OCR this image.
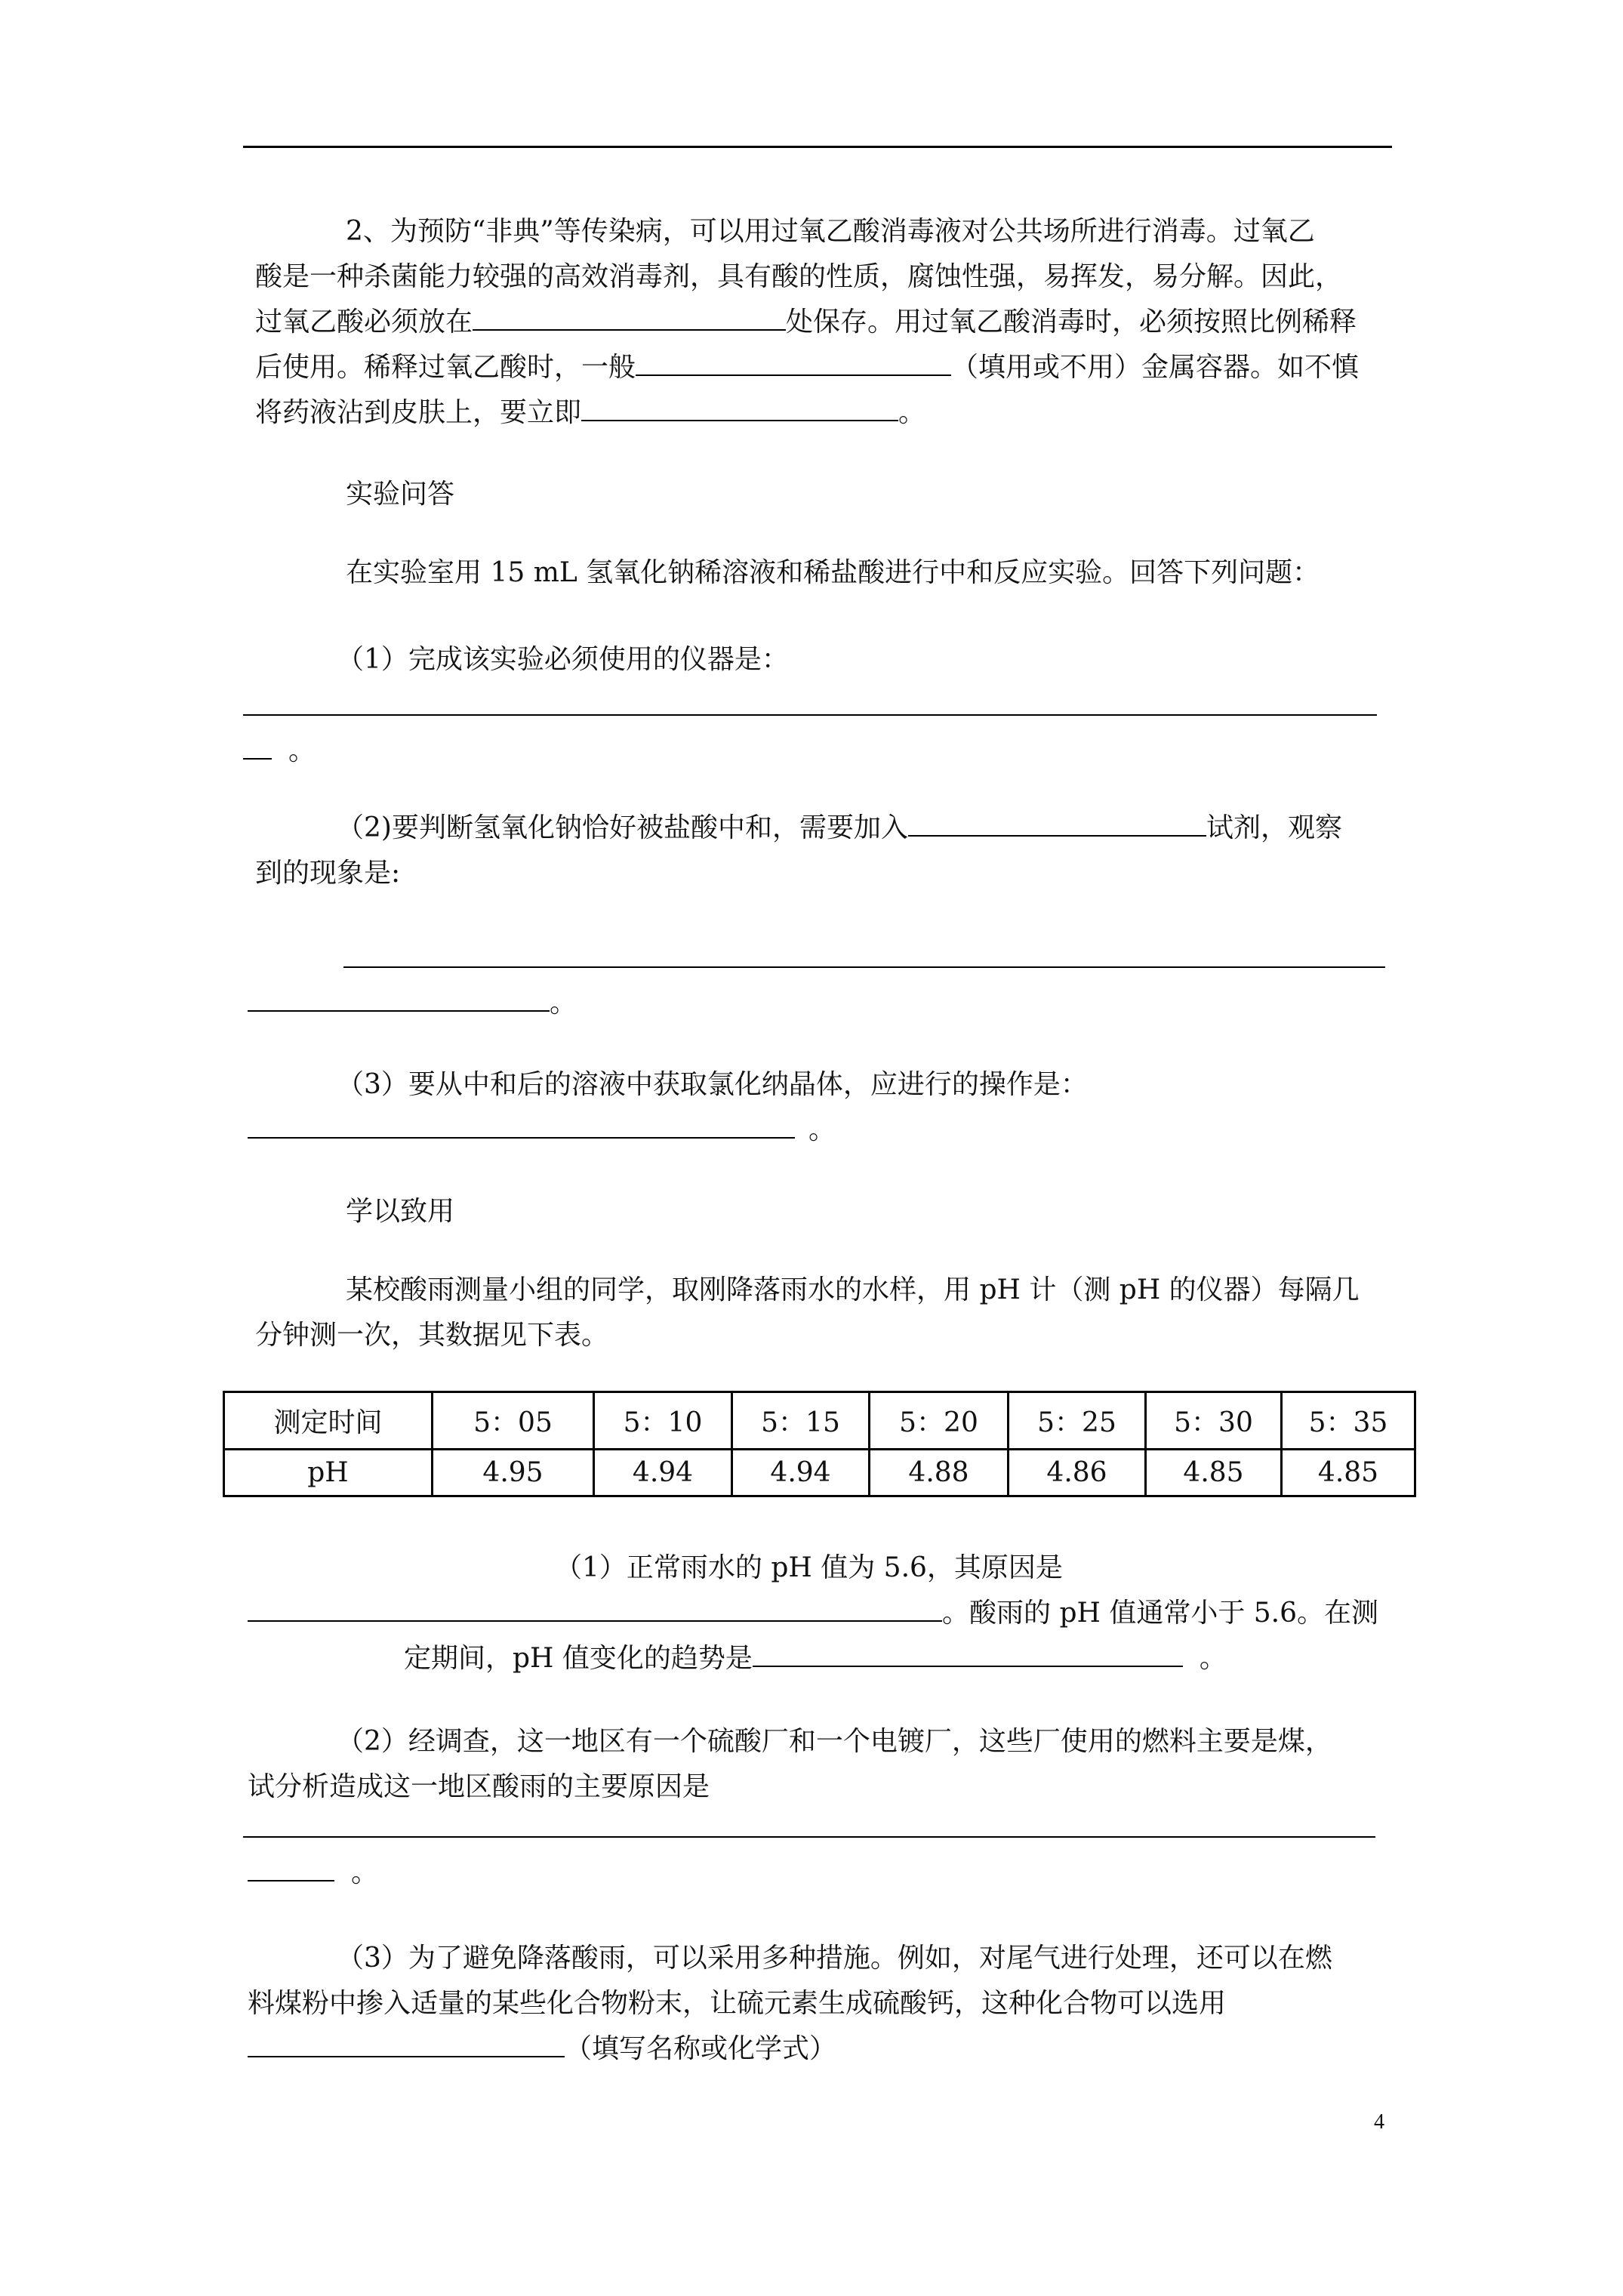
2、为预防“非典”等传染病，可以用过氧乙酸消毒液对公共场所进行消毒。过氧乙
酸是一种杀菌能力较强的高效消毒剂，具有酸的性质，腐蚀性强，易挥发，易分解。因此，
过氧乙酸必须放在	处保存。用过氧乙酸消毒时，必须按照比例稀释
后使用。稀释过氧乙酸时，一般	（填用或不用）金属容器。如不慎
将药液沾到皮肤上，要立即	。
实验问答
在实验室用 15 mL 氢氧化钠稀溶液和稀盐酸进行中和反应实验。回答下列问题：
（1）完成该实验必须使用的仪器是：
。
（2)要判断氢氧化钠恰好被盐酸中和，需要加入	试剂，观察
到的现象是:
。
（3）要从中和后的溶液中获取氯化纳晶体，应进行的操作是：
。
学以致用
某校酸雨测量小组的同学，取刚降落雨水的水样，用 pH 计（测 pH 的仪器）每隔几
分钟测一次，其数据见下表。
测定时间	5：05	5：10	5：15	5：20	5：25	5：30	5：35
pH	4.95	4.94	4.94	4.88	4.86	4.85	4.85
（1）正常雨水的 pH 值为 5.6，其原因是
。酸雨的 pH 值通常小于 5.6。在测
定期间，pH 值变化的趋势是	。
（2）经调查，这一地区有一个硫酸厂和一个电镀厂，这些厂使用的燃料主要是煤，
试分析造成这一地区酸雨的主要原因是
。
（3）为了避免降落酸雨，可以采用多种措施。例如，对尾气进行处理，还可以在燃
料煤粉中掺入适量的某些化合物粉末，让硫元素生成硫酸钙，这种化合物可以选用
（填写名称或化学式）
4
